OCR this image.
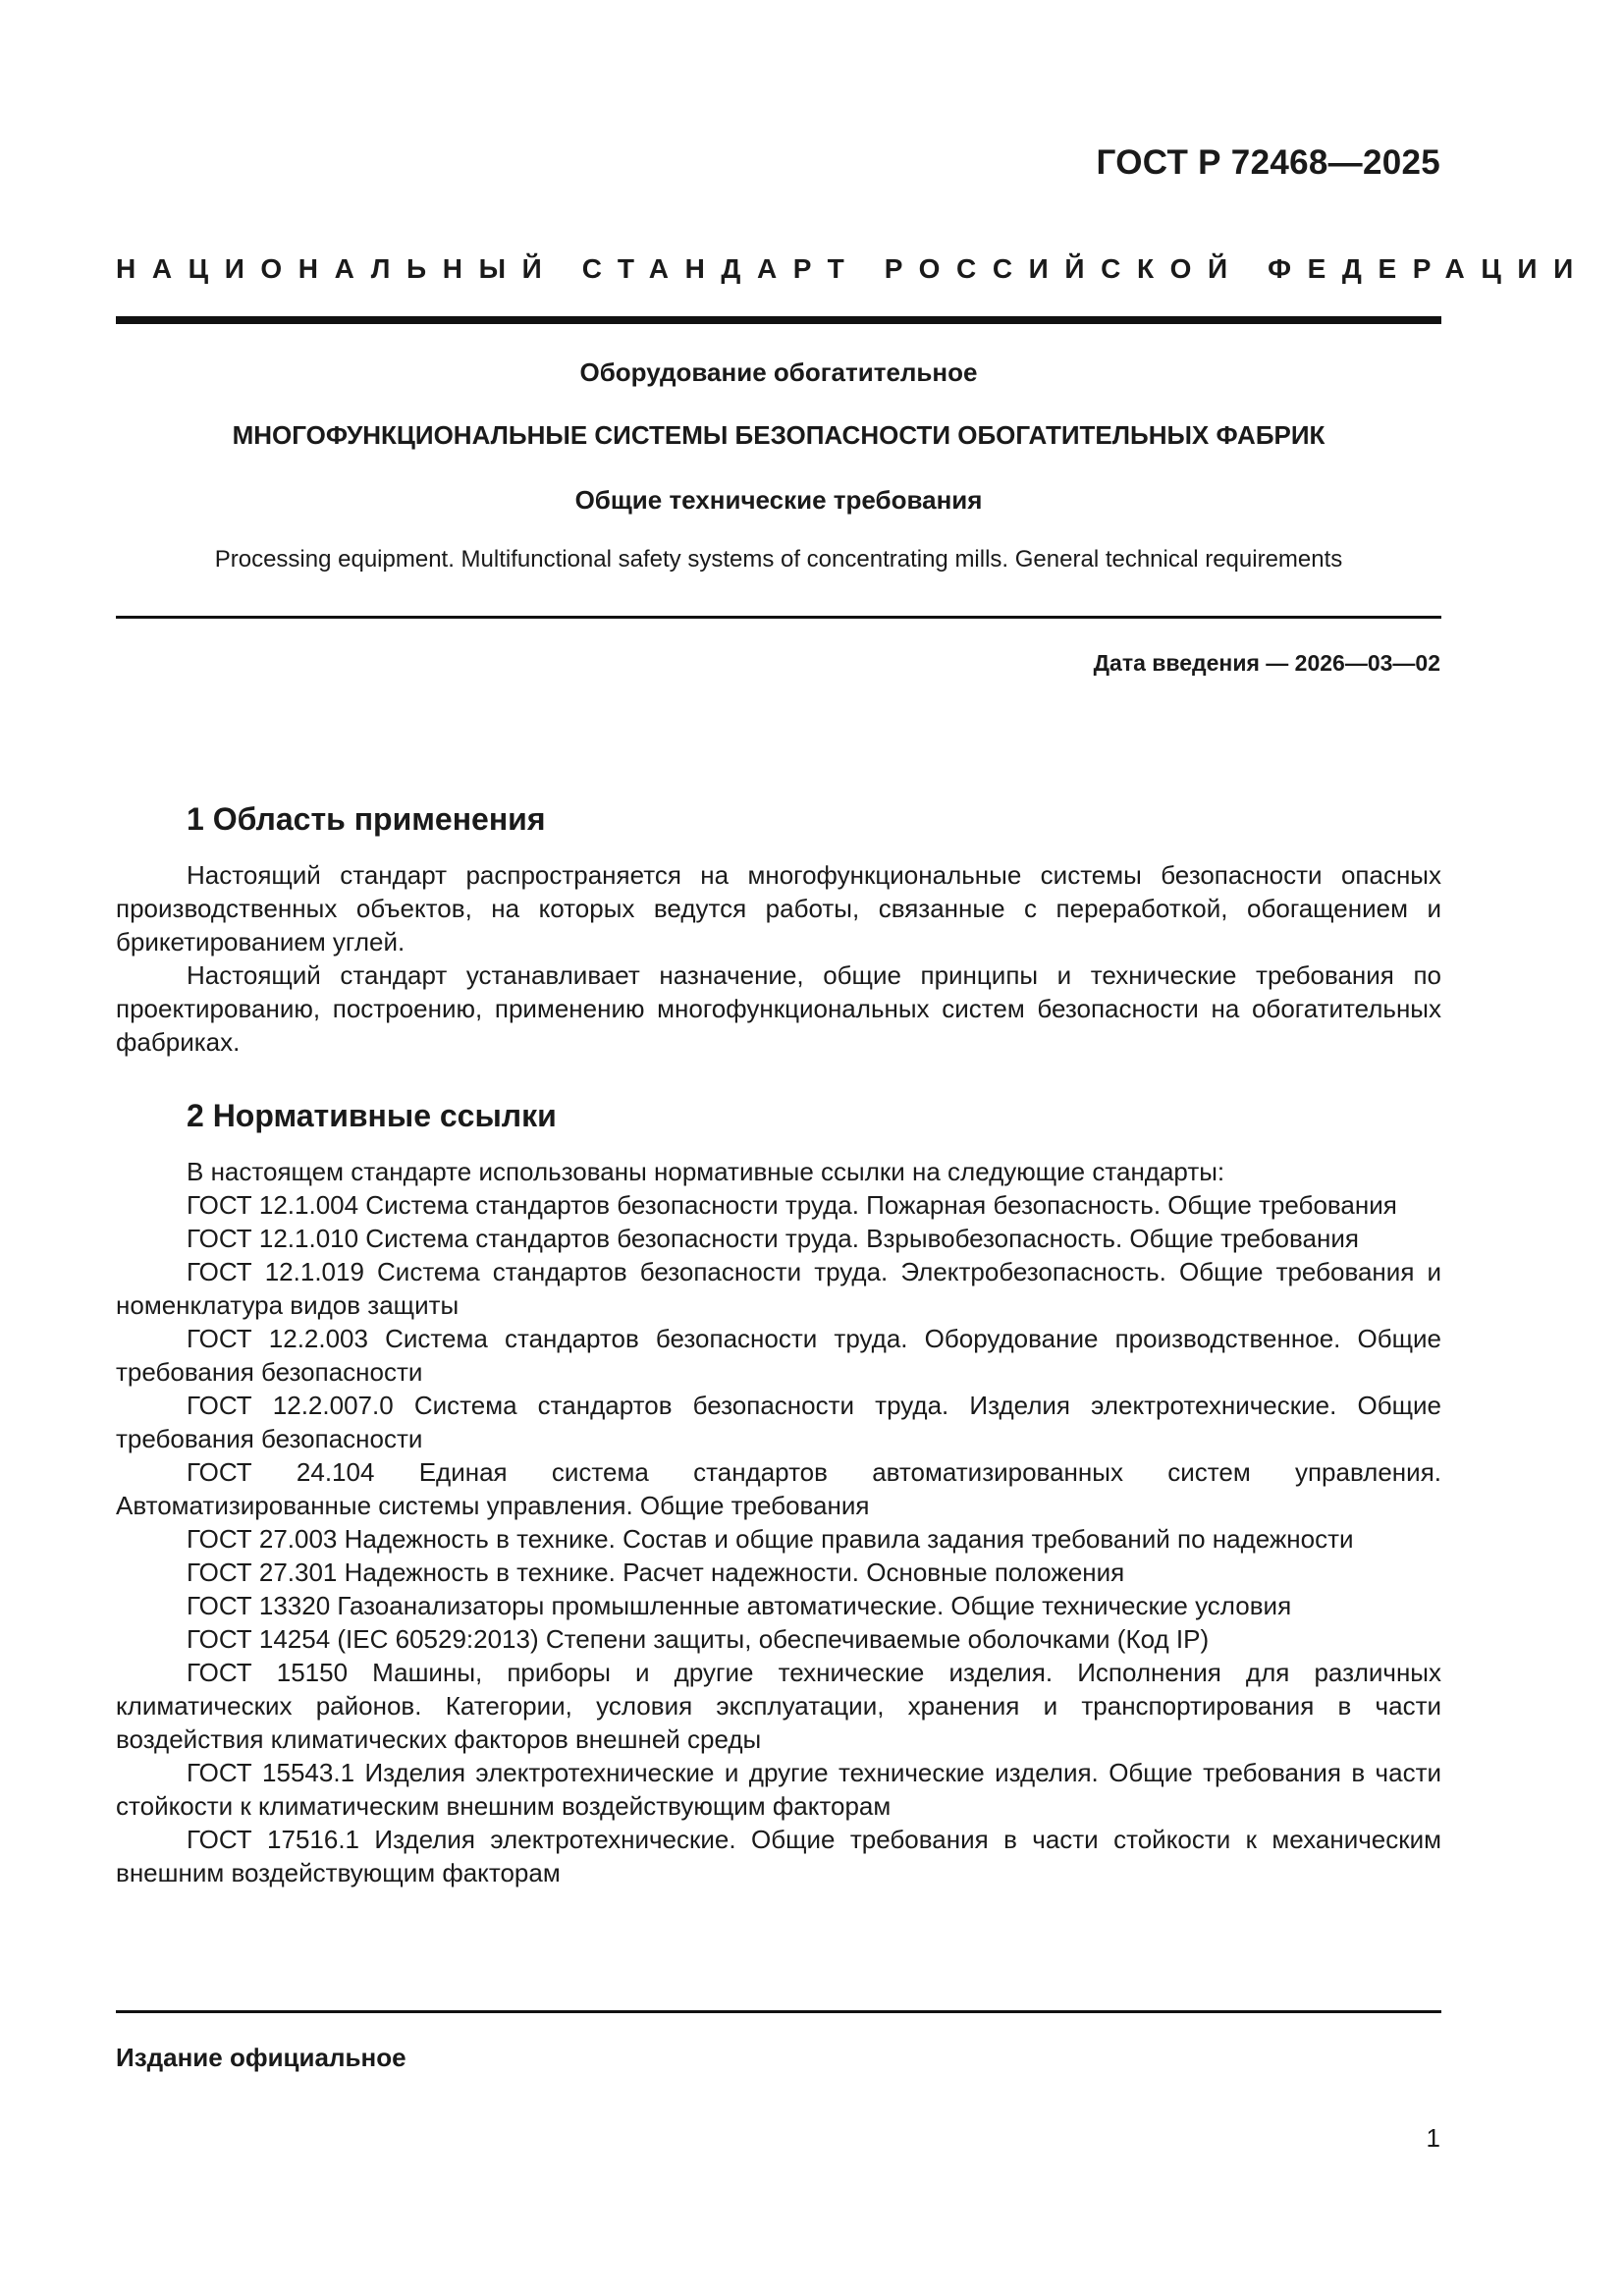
ГОСТ Р 72468—2025
НАЦИОНАЛЬНЫЙ СТАНДАРТ РОССИЙСКОЙ ФЕДЕРАЦИИ
Оборудование обогатительное
МНОГОФУНКЦИОНАЛЬНЫЕ СИСТЕМЫ БЕЗОПАСНОСТИ ОБОГАТИТЕЛЬНЫХ ФАБРИК
Общие технические требования
Processing equipment. Multifunctional safety systems of concentrating mills. General technical requirements
Дата введения — 2026—03—02
1 Область применения

Настоящий стандарт распространяется на многофункциональные системы безопасности опасных производственных объектов, на которых ведутся работы, связанные с переработкой, обогащением и брикетированием углей.

Настоящий стандарт устанавливает назначение, общие принципы и технические требования по проектированию, построению, применению многофункциональных систем безопасности на обогатительных фабриках.

2 Нормативные ссылки

В настоящем стандарте использованы нормативные ссылки на следующие стандарты:

ГОСТ 12.1.004 Система стандартов безопасности труда. Пожарная безопасность. Общие требования

ГОСТ 12.1.010 Система стандартов безопасности труда. Взрывобезопасность. Общие требования

ГОСТ 12.1.019 Система стандартов безопасности труда. Электробезопасность. Общие требования и номенклатура видов защиты

ГОСТ 12.2.003 Система стандартов безопасности труда. Оборудование производственное. Общие требования безопасности

ГОСТ 12.2.007.0 Система стандартов безопасности труда. Изделия электротехнические. Общие требования безопасности

ГОСТ 24.104 Единая система стандартов автоматизированных систем управления. Автоматизированные системы управления. Общие требования

ГОСТ 27.003 Надежность в технике. Состав и общие правила задания требований по надежности

ГОСТ 27.301 Надежность в технике. Расчет надежности. Основные положения

ГОСТ 13320 Газоанализаторы промышленные автоматические. Общие технические условия

ГОСТ 14254 (IEC 60529:2013) Степени защиты, обеспечиваемые оболочками (Код IP)

ГОСТ 15150 Машины, приборы и другие технические изделия. Исполнения для различных климатических районов. Категории, условия эксплуатации, хранения и транспортирования в части воздействия климатических факторов внешней среды

ГОСТ 15543.1 Изделия электротехнические и другие технические изделия. Общие требования в части стойкости к климатическим внешним воздействующим факторам

ГОСТ 17516.1 Изделия электротехнические. Общие требования в части стойкости к механическим внешним воздействующим факторам

Издание официальное
1
